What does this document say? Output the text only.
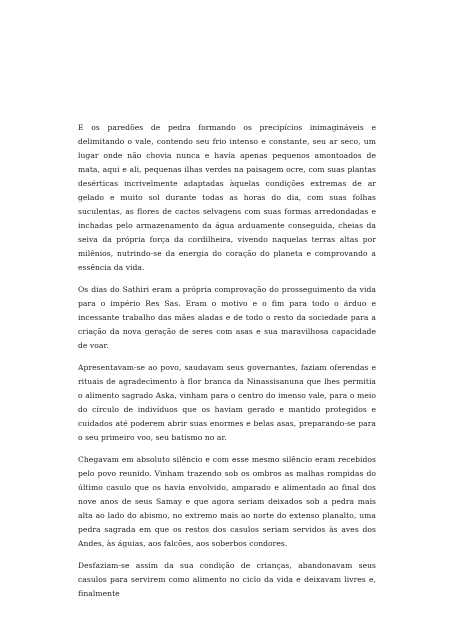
E os paredões de pedra formando os precipícios inimagináveis e delimitando o vale, contendo seu frio intenso e constante, seu ar seco, um lugar onde não chovia nunca e havia apenas pequenos amontoados de mata, aqui e ali, pequenas ilhas verdes na paisagem ocre, com suas plantas desérticas incrivelmente adaptadas àquelas condições extremas de ar gelado e muito sol durante todas as horas do dia, com suas folhas suculentas, as flores de cactos selvagens com suas formas arredondadas e inchadas pelo armazenamento da água arduamente conseguida, cheias da seiva da própria força da cordilheira, vivendo naquelas terras altas por milênios, nutrindo-se da energia do coração do planeta e comprovando a essência da vida.

Os dias do Sathiri eram a própria comprovação do prosseguimento da vida para o império Res Sas. Eram o motivo e o fim para todo o árduo e incessante trabalho das mães aladas e de todo o resto da sociedade para a criação da nova geração de seres com asas e sua maravilhosa capacidade de voar.

Apresentavam-se ao povo, saudavam seus governantes, faziam oferendas e rituais de agradecimento à flor branca da Ninassisanuna que lhes permitia o alimento sagrado Aska, vinham para o centro do imenso vale, para o meio do círculo de indivíduos que os haviam gerado e mantido protegidos e cuidados até poderem abrir suas enormes e belas asas, preparando-se para o seu primeiro voo, seu batismo no ar.

Chegavam em absoluto silêncio e com esse mesmo silêncio eram recebidos pelo povo reunido. Vinham trazendo sob os ombros as malhas rompidas do último casulo que os havia envolvido, amparado e alimentado ao final dos nove anos de seus Samay e que agora seriam deixados sob a pedra mais alta ao lado do abismo, no extremo mais ao norte do extenso planalto, uma pedra sagrada em que os restos dos casulos seriam servidos às aves dos Andes, às águias, aos falcões, aos soberbos condores.

Desfaziam-se assim da sua condição de crianças, abandonavam seus casulos para servirem como alimento no ciclo da vida e deixavam livres e, finalmente
